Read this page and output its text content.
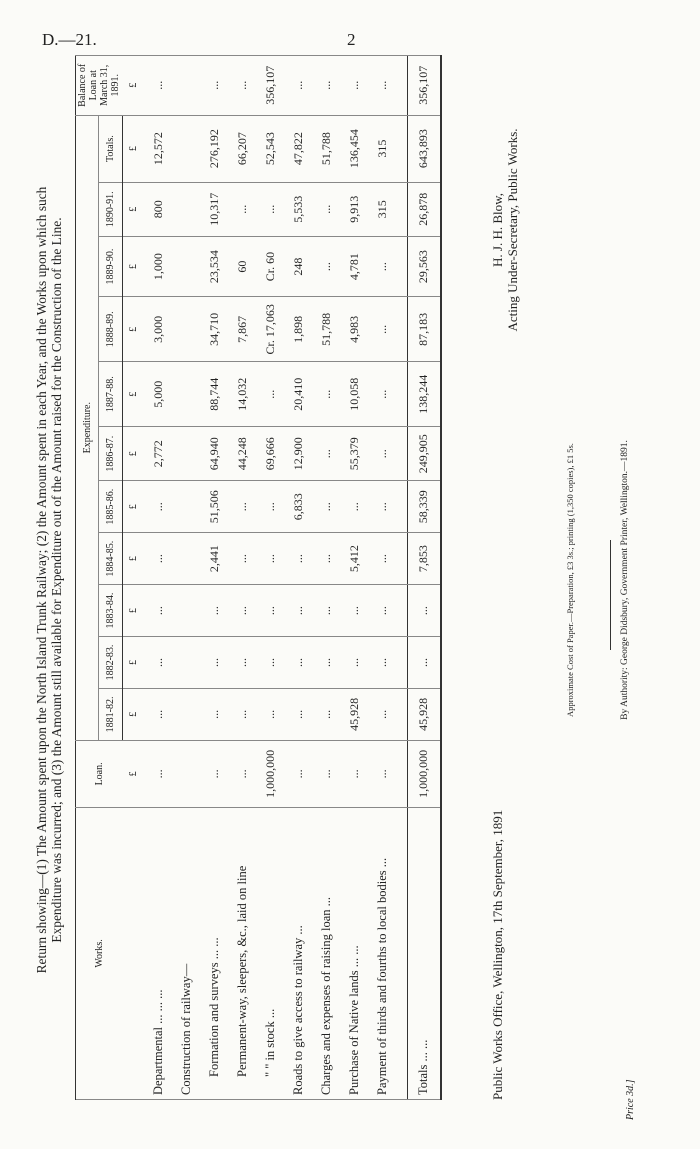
D.—21.	2
Return showing—(1) The Amount spent upon the North Island Trunk Railway; (2) the Amount spent in each Year, and the Works upon which such Expenditure was incurred; and (3) the Amount still available for Expenditure out of the Amount raised for the Construction of the Line.
Works.	Loan.	Expenditure.											Balance of Loan at March 31, 1891.
		1881-82.	1882-83.	1883-84.	1884-85.	1885-86.	1886-87.	1887-88.	1888-89.	1889-90.	1890-91.	Totals.	
	£	£	£	£	£	£	£	£	£	£	£	£	£
Departmental ... ... ...	...	...	...	...	...	...	2,772	5,000	3,000	1,000	800	12,572	...
Construction of railway—													
Formation and surveys ... ...	...	...	...	...	2,441	51,506	64,940	88,744	34,710	23,534	10,317	276,192	...
Permanent-way, sleepers, &c., laid on line	...	...	...	...	...	...	44,248	14,032	7,867	60	...	66,207	...
" " in stock ...	1,000,000	...	...	...	...	...	69,666	...	Cr. 17,063	Cr. 60	...	52,543	356,107
Roads to give access to railway ...	...	...	...	...	...	6,833	12,900	20,410	1,898	248	5,533	47,822	...
Charges and expenses of raising loan ...	...	...	...	...	...	...	...	...	51,788	...	...	51,788	...
Purchase of Native lands ... ...	...	45,928	...	...	5,412	...	55,379	10,058	4,983	4,781	9,913	136,454	...
Payment of thirds and fourths to local bodies ...	...	...	...	...	...	...	...	...	...	...	315	315	...

Totals ... ...	1,000,000	45,928	...	...	7,853	58,339	249,905	138,244	87,183	29,563	26,878	643,893	356,107
Public Works Office, Wellington, 17th September, 1891
H. J. H. Blow, Acting Under-Secretary, Public Works.
Approximate Cost of Paper.—Preparation, £3 3s.; printing (1,350 copies), £1 5s.	By Authority: George Didsbury, Government Printer, Wellington.—1891.
Price 3d.]
